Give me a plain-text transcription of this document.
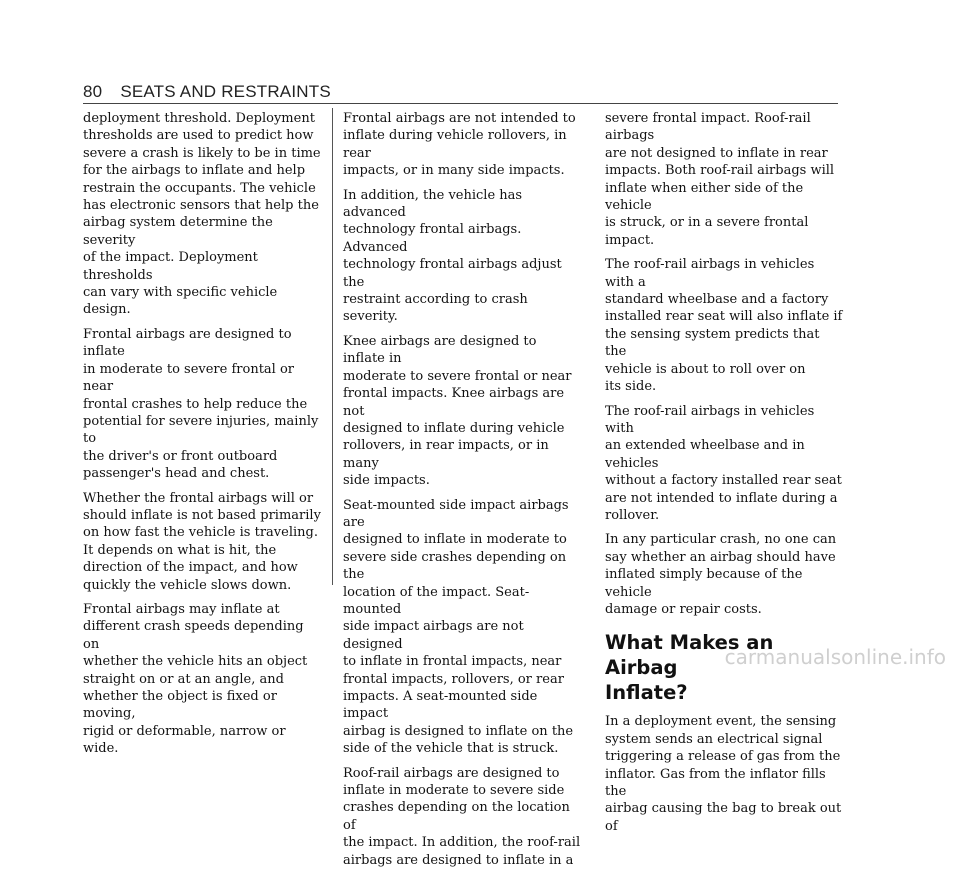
80 SEATS AND RESTRAINTS

deployment threshold. Deployment
thresholds are used to predict how
severe a crash is likely to be in time
for the airbags to inflate and help
restrain the occupants. The vehicle
has electronic sensors that help the
airbag system determine the severity
of the impact. Deployment thresholds
can vary with specific vehicle design.

Frontal airbags are designed to inflate
in moderate to severe frontal or near
frontal crashes to help reduce the
potential for severe injuries, mainly to
the driver's or front outboard
passenger's head and chest.

Whether the frontal airbags will or
should inflate is not based primarily
on how fast the vehicle is traveling.
It depends on what is hit, the
direction of the impact, and how
quickly the vehicle slows down.

Frontal airbags may inflate at
different crash speeds depending on
whether the vehicle hits an object
straight on or at an angle, and
whether the object is fixed or moving,
rigid or deformable, narrow or wide.

Frontal airbags are not intended to
inflate during vehicle rollovers, in rear
impacts, or in many side impacts.

In addition, the vehicle has advanced
technology frontal airbags. Advanced
technology frontal airbags adjust the
restraint according to crash severity.

Knee airbags are designed to inflate in
moderate to severe frontal or near
frontal impacts. Knee airbags are not
designed to inflate during vehicle
rollovers, in rear impacts, or in many
side impacts.

Seat-mounted side impact airbags are
designed to inflate in moderate to
severe side crashes depending on the
location of the impact. Seat-mounted
side impact airbags are not designed
to inflate in frontal impacts, near
frontal impacts, rollovers, or rear
impacts. A seat-mounted side impact
airbag is designed to inflate on the
side of the vehicle that is struck.

Roof-rail airbags are designed to
inflate in moderate to severe side
crashes depending on the location of
the impact. In addition, the roof-rail
airbags are designed to inflate in a

severe frontal impact. Roof-rail airbags
are not designed to inflate in rear
impacts. Both roof-rail airbags will
inflate when either side of the vehicle
is struck, or in a severe frontal impact.

The roof-rail airbags in vehicles with a
standard wheelbase and a factory
installed rear seat will also inflate if
the sensing system predicts that the
vehicle is about to roll over on
its side.

The roof-rail airbags in vehicles with
an extended wheelbase and in vehicles
without a factory installed rear seat
are not intended to inflate during a
rollover.

In any particular crash, no one can
say whether an airbag should have
inflated simply because of the vehicle
damage or repair costs.

What Makes an Airbag
Inflate?

In a deployment event, the sensing
system sends an electrical signal
triggering a release of gas from the
inflator. Gas from the inflator fills the
airbag causing the bag to break out of

carmanualsonline.info
